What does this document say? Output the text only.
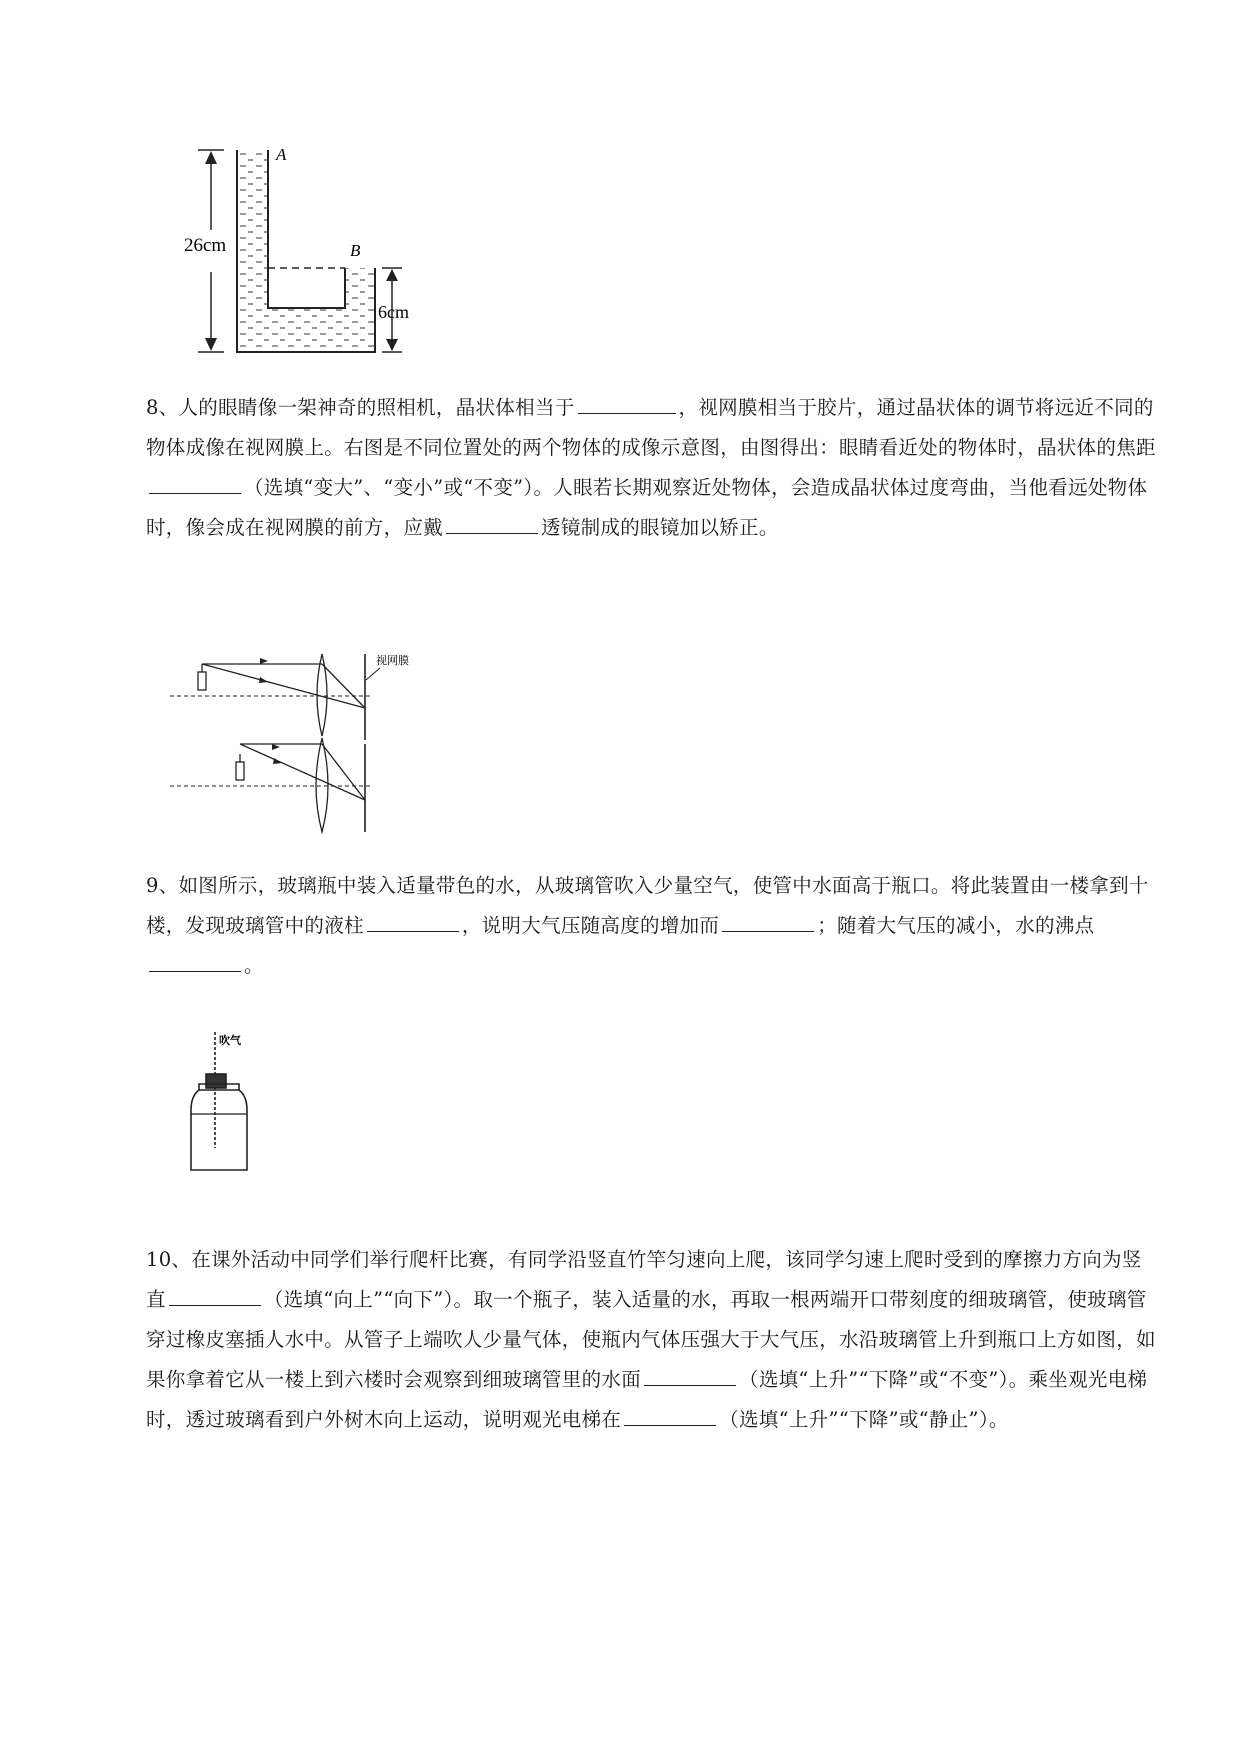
26cm
6cm
A
B
8、人的眼睛像一架神奇的照相机，晶状体相当于	，视网膜相当于胶片，通过晶状体的调节将远近不同的物体成像在视网膜上。右图是不同位置处的两个物体的成像示意图，由图得出：眼睛看近处的物体时，晶状体的焦距（选填“变大”、“变小”或“不变”）。人眼若长期观察近处物体，会造成晶状体过度弯曲，当他看远处物体时，像会成在视网膜的前方，应戴	透镜制成的眼镜加以矫正。
视网膜
9、如图所示，玻璃瓶中装入适量带色的水，从玻璃管吹入少量空气，使管中水面高于瓶口。将此装置由一楼拿到十楼，发现玻璃管中的液柱	，说明大气压随高度的增加而	；随着大气压的减小，水的沸点。
吹气
10、在课外活动中同学们举行爬杆比赛，有同学沿竖直竹竿匀速向上爬，该同学匀速上爬时受到的摩擦力方向为竖直	（选填“向上”“向下”）。取一个瓶子，装入适量的水，再取一根两端开口带刻度的细玻璃管，使玻璃管穿过橡皮塞插人水中。从管子上端吹人少量气体，使瓶内气体压强大于大气压，水沿玻璃管上升到瓶口上方如图，如果你拿着它从一楼上到六楼时会观察到细玻璃管里的水面	（选填“上升”“下降”或“不变”）。乘坐观光电梯时，透过玻璃看到户外树木向上运动，说明观光电梯在	（选填“上升”“下降”或“静止”）。
